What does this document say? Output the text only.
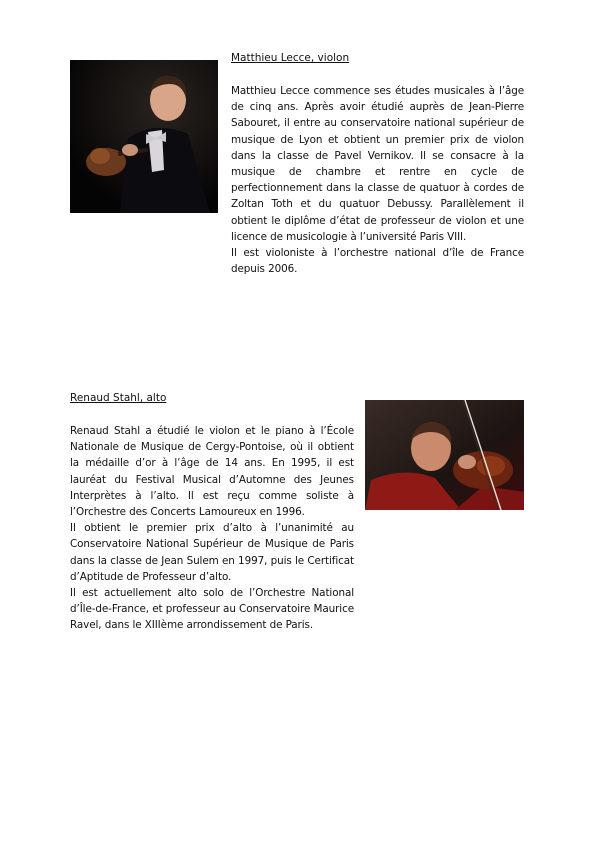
Matthieu Lecce, violon

Matthieu Lecce commence ses études musicales à l’âge de cinq ans. Après avoir étudié auprès de Jean-Pierre Sabouret, il entre au conservatoire national supérieur de musique de Lyon et obtient un premier prix de violon dans la classe de Pavel Vernikov. Il se consacre à la musique de chambre et rentre en cycle de perfectionnement dans la classe de quatuor à cordes de Zoltan Toth et du quatuor Debussy. Parallèlement il obtient le diplôme d’état de professeur de violon et une licence de musicologie à l’université Paris VIII.

Il est violoniste à l’orchestre national d’île de France depuis 2006.

Renaud Stahl, alto

Renaud Stahl a étudié le violon et le piano à l’École Nationale de Musique de Cergy-Pontoise, où il obtient la médaille d’or à l’âge de 14 ans. En 1995, il est lauréat du Festival Musical d’Automne des Jeunes Interprètes à l’alto. Il est reçu comme soliste à l’Orchestre des Concerts Lamoureux en 1996.

Il obtient le premier prix d’alto à l’unanimité au Conservatoire National Supérieur de Musique de Paris dans la classe de Jean Sulem en 1997, puis le Certificat d’Aptitude de Professeur d’alto.

Il est actuellement alto solo de l’Orchestre National d’Île-de-France, et professeur au Conservatoire Maurice Ravel, dans le XIIIème arrondissement de Paris.
